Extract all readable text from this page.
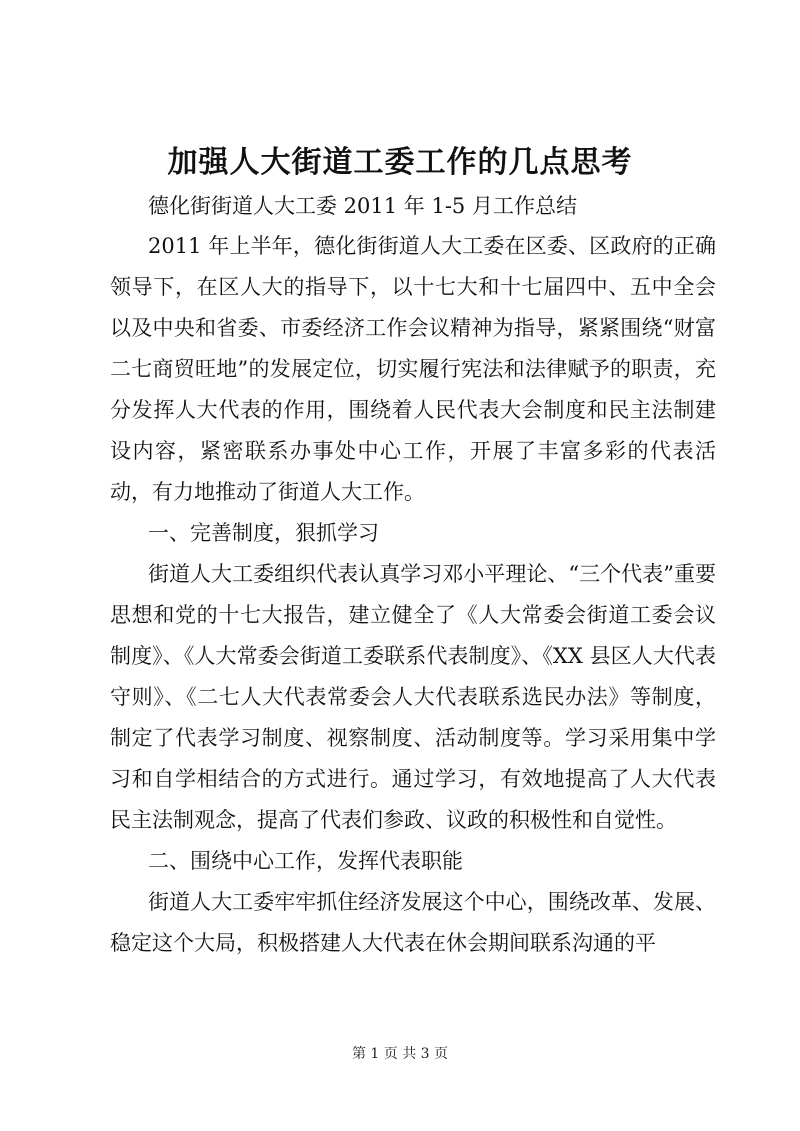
加强人大街道工委工作的几点思考

德化街街道人大工委 2011 年 1-5 月工作总结

2011 年上半年，德化街街道人大工委在区委、区政府的正确领导下，在区人大的指导下，以十七大和十七届四中、五中全会以及中央和省委、市委经济工作会议精神为指导，紧紧围绕“财富二七商贸旺地”的发展定位，切实履行宪法和法律赋予的职责，充分发挥人大代表的作用，围绕着人民代表大会制度和民主法制建设内容，紧密联系办事处中心工作，开展了丰富多彩的代表活动，有力地推动了街道人大工作。

一、完善制度，狠抓学习

街道人大工委组织代表认真学习邓小平理论、“三个代表”重要思想和党的十七大报告，建立健全了《人大常委会街道工委会议制度》、《人大常委会街道工委联系代表制度》、《XX 县区人大代表守则》、《二七人大代表常委会人大代表联系选民办法》等制度，制定了代表学习制度、视察制度、活动制度等。学习采用集中学习和自学相结合的方式进行。通过学习，有效地提高了人大代表民主法制观念，提高了代表们参政、议政的积极性和自觉性。

二、围绕中心工作，发挥代表职能

街道人大工委牢牢抓住经济发展这个中心，围绕改革、发展、稳定这个大局，积极搭建人大代表在休会期间联系沟通的平

第 1 页 共 3 页
